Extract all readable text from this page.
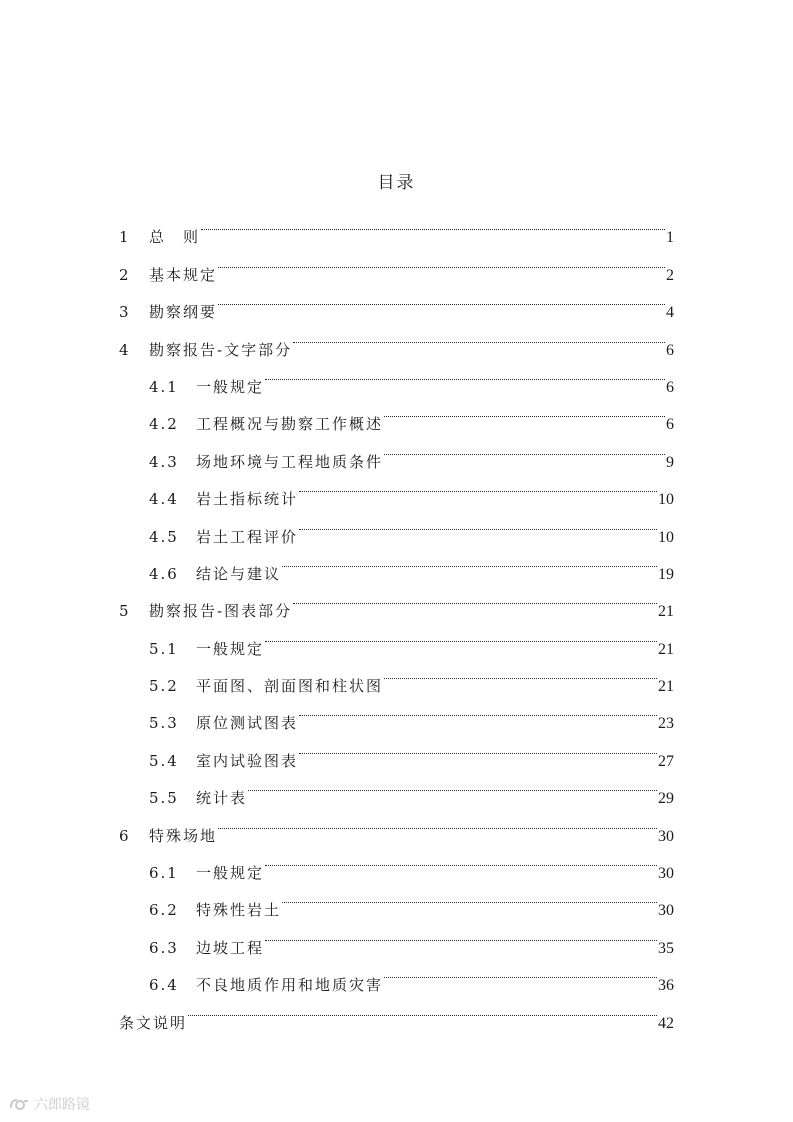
目录
1	总　则	1
2	基本规定	2
3	勘察纲要	4
4	勘察报告-文字部分	6
4.1	一般规定	6
4.2	工程概况与勘察工作概述	6
4.3	场地环境与工程地质条件	9
4.4	岩土指标统计	10
4.5	岩土工程评价	10
4.6	结论与建议	19
5	勘察报告-图表部分	21
5.1	一般规定	21
5.2	平面图、剖面图和柱状图	21
5.3	原位测试图表	23
5.4	室内试验图表	27
5.5	统计表	29
6	特殊场地	30
6.1	一般规定	30
6.2	特殊性岩土	30
6.3	边坡工程	35
6.4	不良地质作用和地质灾害	36
条文说明	42
六郎路镜
